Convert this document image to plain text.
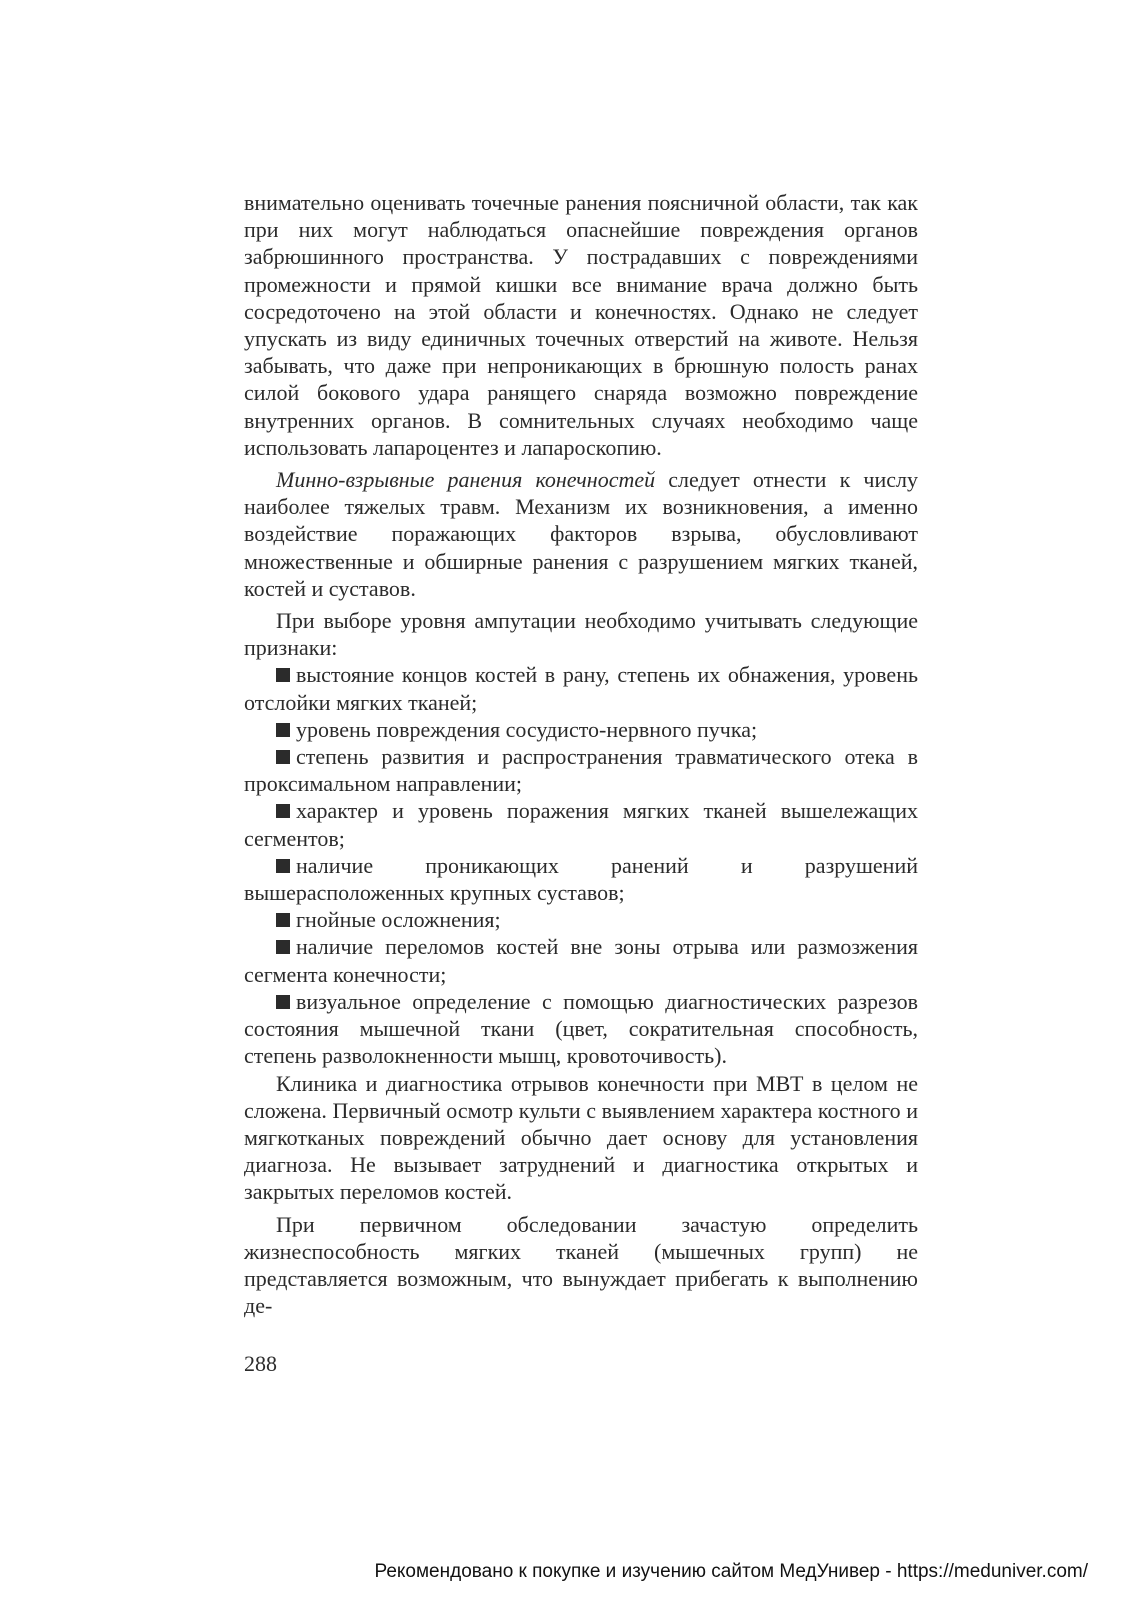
внимательно оценивать точечные ранения поясничной области, так как при них могут наблюдаться опаснейшие повреждения органов забрюшинного пространства. У пострадавших с повреждениями промежности и прямой кишки все внимание врача должно быть сосредоточено на этой области и конечностях. Однако не следует упускать из виду единичных точечных отверстий на животе. Нельзя забывать, что даже при непроникающих в брюшную полость ранах силой бокового удара ранящего снаряда возможно повреждение внутренних органов. В сомнительных случаях необходимо чаще использовать лапароцентез и лапароскопию.

Минно-взрывные ранения конечностей следует отнести к числу наиболее тяжелых травм. Механизм их возникновения, а именно воздействие поражающих факторов взрыва, обусловливают множественные и обширные ранения с разрушением мягких тканей, костей и суставов.

При выборе уровня ампутации необходимо учитывать следующие признаки:

выстояние концов костей в рану, степень их обнажения, уровень отслойки мягких тканей;

уровень повреждения сосудисто-нервного пучка;

степень развития и распространения травматического отека в проксимальном направлении;

характер и уровень поражения мягких тканей вышележащих сегментов;

наличие проникающих ранений и разрушений вышерасположенных крупных суставов;

гнойные осложнения;

наличие переломов костей вне зоны отрыва или размозжения сегмента конечности;

визуальное определение с помощью диагностических разрезов состояния мышечной ткани (цвет, сократительная способность, степень разволокненности мышц, кровоточивость).

Клиника и диагностика отрывов конечности при МВТ в целом не сложена. Первичный осмотр культи с выявлением характера костного и мягкотканых повреждений обычно дает основу для установления диагноза. Не вызывает затруднений и диагностика открытых и закрытых переломов костей.

При первичном обследовании зачастую определить жизнеспособность мягких тканей (мышечных групп) не представляется возможным, что вынуждает прибегать к выполнению де-

288
Рекомендовано к покупке и изучению сайтом МедУнивер - https://meduniver.com/
